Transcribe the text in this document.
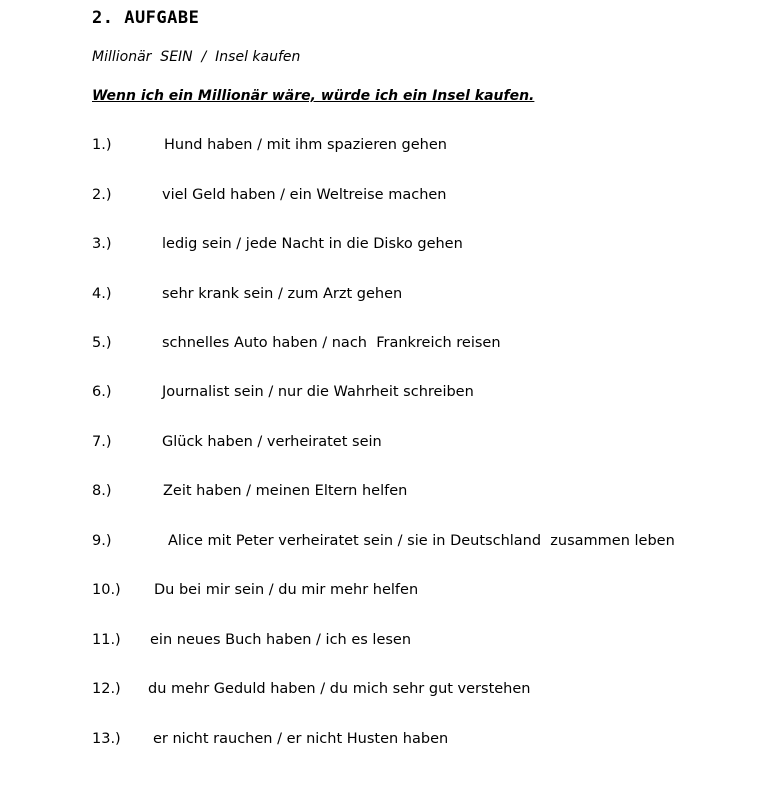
2. AUFGABE
Millionär  SEIN  /  Insel kaufen
Wenn ich ein Millionär wäre, würde ich ein Insel kaufen.
1.)	Hund haben / mit ihm spazieren gehen
2.)	viel Geld haben / ein Weltreise machen
3.)	ledig sein / jede Nacht in die Disko gehen
4.)	sehr krank sein / zum Arzt gehen
5.)	schnelles Auto haben / nach  Frankreich reisen
6.)	Journalist sein / nur die Wahrheit schreiben
7.)	Glück haben / verheiratet sein
8.)	Zeit haben / meinen Eltern helfen
9.)	Alice mit Peter verheiratet sein / sie in Deutschland  zusammen leben
10.) Du bei mir sein / du mir mehr helfen
11.) ein neues Buch haben / ich es lesen
12.) du mehr Geduld haben / du mich sehr gut verstehen
13.) er nicht rauchen / er nicht Husten haben
